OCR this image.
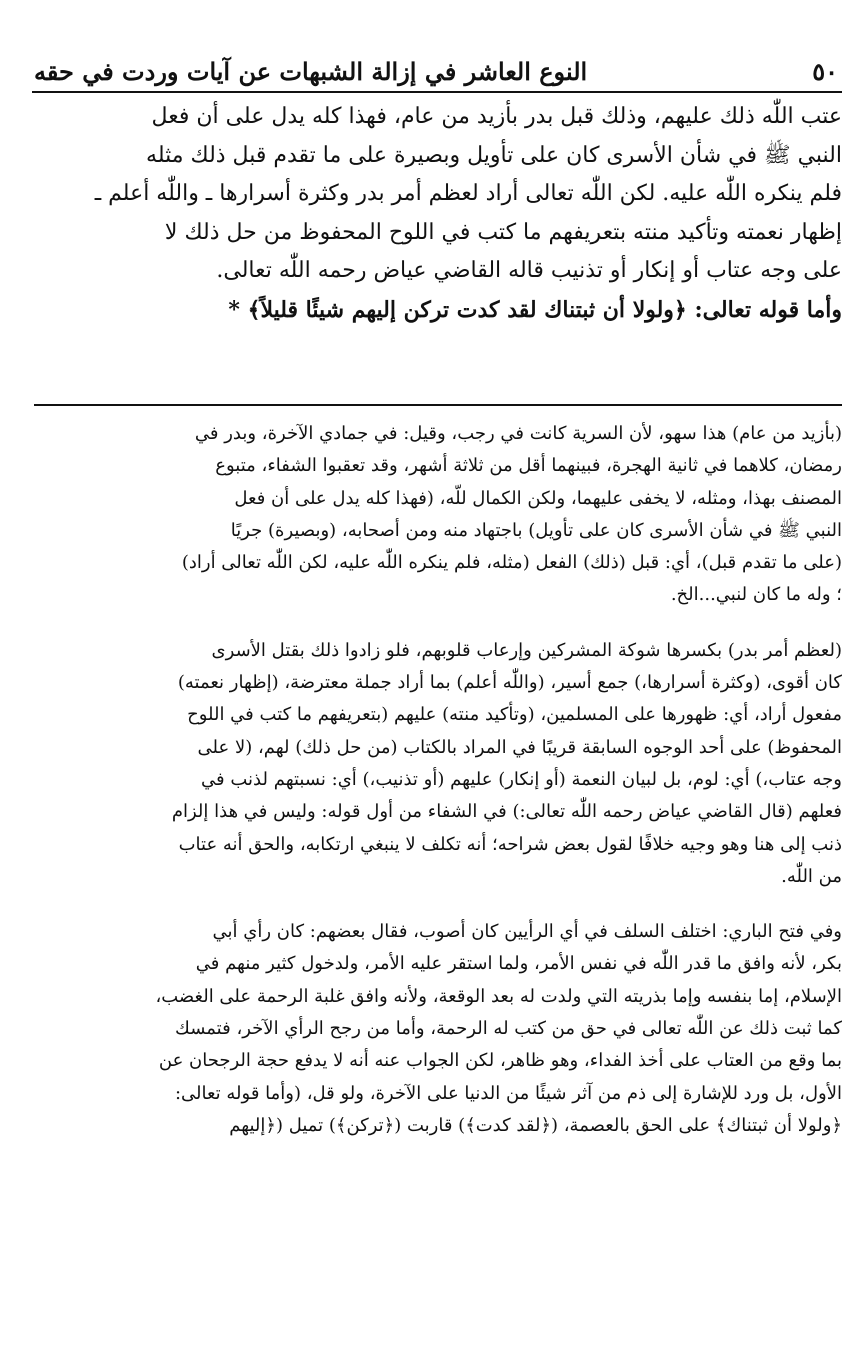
٥٠
النوع العاشر في إزالة الشبهات عن آيات وردت في حقه
عتب اللّٰه ذلك عليهم، وذلك قبل بدر بأزيد من عام، فهذا كله يدل على أن فعل
النبي ﷺ في شأن الأسرى كان على تأويل وبصيرة على ما تقدم قبل ذلك مثله
فلم ينكره اللّٰه عليه. لكن اللّٰه تعالى أراد لعظم أمر بدر وكثرة أسرارها ـ واللّٰه أعلم ـ
إظهار نعمته وتأكيد منته بتعريفهم ما كتب في اللوح المحفوظ من حل ذلك لا
على وجه عتاب أو إنكار أو تذنيب قاله القاضي عياض رحمه اللّٰه تعالى.
وأما قوله تعالى: ﴿ولولا أن ثبتناك لقد كدت تركن إليهم شيئًا قليلاً﴾ *
(بأزيد من عام) هذا سهو، لأن السرية كانت في رجب، وقيل: في جمادي الآخرة، وبدر في
رمضان، كلاهما في ثانية الهجرة، فبينهما أقل من ثلاثة أشهر، وقد تعقبوا الشفاء، متبوع
المصنف بهذا، ومثله، لا يخفى عليهما، ولكن الكمال للّه، (فهذا كله يدل على أن فعل
النبي ﷺ في شأن الأسرى كان على تأويل) باجتهاد منه ومن أصحابه، (وبصيرة) جريًا
(على ما تقدم قبل)، أي: قبل (ذلك) الفعل (مثله، فلم ينكره اللّٰه عليه، لكن اللّٰه تعالى أراد)
؛ وله ما كان لنبي...الخ.
(لعظم أمر بدر) بكسرها شوكة المشركين وإرعاب قلوبهم، فلو زادوا ذلك بقتل الأسرى
كان أقوى، (وكثرة أسرارها،) جمع أسير، (واللّٰه أعلم) بما أراد جملة معترضة، (إظهار نعمته)
مفعول أراد، أي: ظهورها على المسلمين، (وتأكيد منته) عليهم (بتعريفهم ما كتب في اللوح
المحفوظ) على أحد الوجوه السابقة قريبًا في المراد بالكتاب (من حل ذلك) لهم، (لا على
وجه عتاب،) أي: لوم، بل لبيان النعمة (أو إنكار) عليهم (أو تذنيب،) أي: نسبتهم لذنب في
فعلهم (قال القاضي عياض رحمه اللّٰه تعالى:) في الشفاء من أول قوله: وليس في هذا إلزام
ذنب إلى هنا وهو وجيه خلافًا لقول بعض شراحه؛ أنه تكلف لا ينبغي ارتكابه، والحق أنه عتاب
من اللّٰه.
وفي فتح الباري: اختلف السلف في أي الرأيين كان أصوب، فقال بعضهم: كان رأي أبي
بكر، لأنه وافق ما قدر اللّٰه في نفس الأمر، ولما استقر عليه الأمر، ولدخول كثير منهم في
الإسلام، إما بنفسه وإما بذريته التي ولدت له بعد الوقعة، ولأنه وافق غلبة الرحمة على الغضب،
كما ثبت ذلك عن اللّٰه تعالى في حق من كتب له الرحمة، وأما من رجح الرأي الآخر، فتمسك
بما وقع من العتاب على أخذ الفداء، وهو ظاهر، لكن الجواب عنه أنه لا يدفع حجة الرجحان عن
الأول، بل ورد للإشارة إلى ذم من آثر شيئًا من الدنيا على الآخرة، ولو قل، (وأما قوله تعالى:
﴿ولولا أن ثبتناك﴾ على الحق بالعصمة، (﴿لقد كدت﴾) قاربت (﴿تركن﴾) تميل (﴿إليهم
